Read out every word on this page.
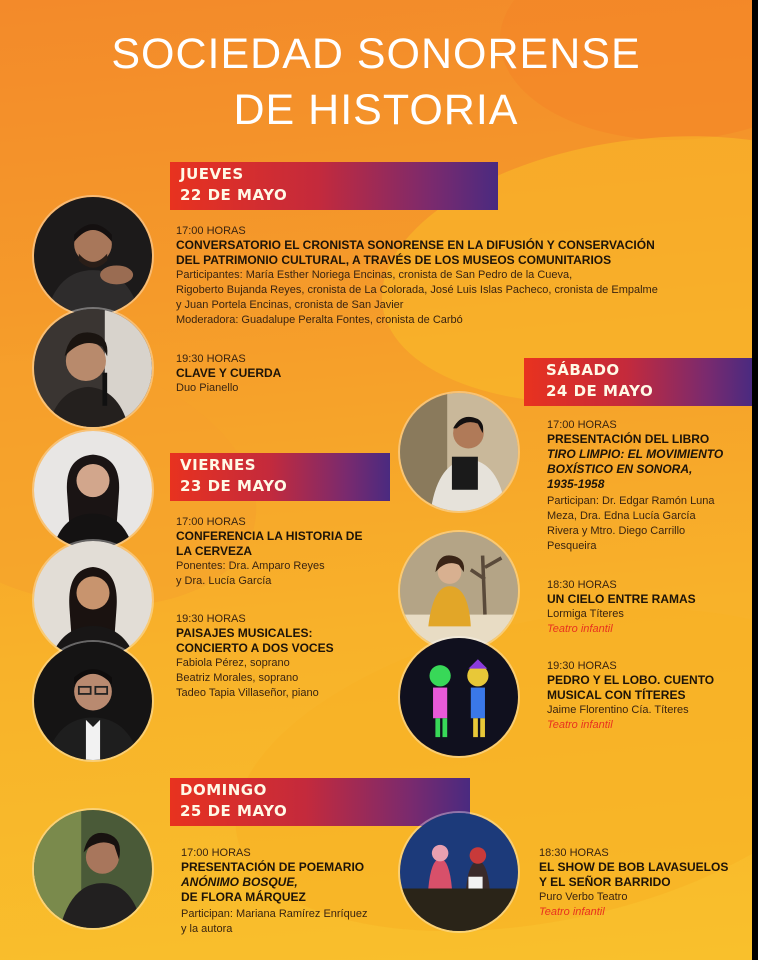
SOCIEDAD SONORENSE
DE HISTORIA
JUEVES
22 DE MAYO
VIERNES
23 DE MAYO
SÁBADO
24 DE MAYO
DOMINGO
25 DE MAYO
17:00 HORAS
CONVERSATORIO EL CRONISTA SONORENSE EN LA DIFUSIÓN Y CONSERVACIÓN
DEL PATRIMONIO CULTURAL, A TRAVÉS DE LOS MUSEOS COMUNITARIOS
Participantes: María Esther Noriega Encinas, cronista de San Pedro de la Cueva,
Rigoberto Bujanda Reyes, cronista de La Colorada, José Luis Islas Pacheco, cronista de Empalme
y Juan Portela Encinas, cronista de San Javier
Moderadora: Guadalupe Peralta Fontes, cronista de Carbó
19:30 HORAS
CLAVE Y CUERDA
Duo Pianello
17:00 HORAS
CONFERENCIA LA HISTORIA DE
LA CERVEZA
Ponentes: Dra. Amparo Reyes
y Dra. Lucía García
19:30 HORAS
PAISAJES MUSICALES:
CONCIERTO A DOS VOCES
Fabiola Pérez, soprano
Beatriz Morales, soprano
Tadeo Tapia Villaseñor, piano
17:00 HORAS
PRESENTACIÓN DEL LIBRO
TIRO LIMPIO: EL MOVIMIENTO
BOXÍSTICO EN SONORA,
1935-1958
Participan: Dr. Edgar Ramón Luna
Meza, Dra. Edna Lucía García
Rivera y Mtro. Diego Carrillo
Pesqueira
18:30 HORAS
UN CIELO ENTRE RAMAS
Lormiga Títeres
Teatro infantil
19:30 HORAS
PEDRO Y EL LOBO. CUENTO
MUSICAL CON TÍTERES
Jaime Florentino Cía. Títeres
Teatro infantil
17:00 HORAS
PRESENTACIÓN DE POEMARIO
ANÓNIMO BOSQUE,
DE FLORA MÁRQUEZ
Participan: Mariana Ramírez Enríquez
y la autora
18:30 HORAS
EL SHOW DE BOB LAVASUELOS
Y EL SEÑOR BARRIDO
Puro Verbo Teatro
Teatro infantil
